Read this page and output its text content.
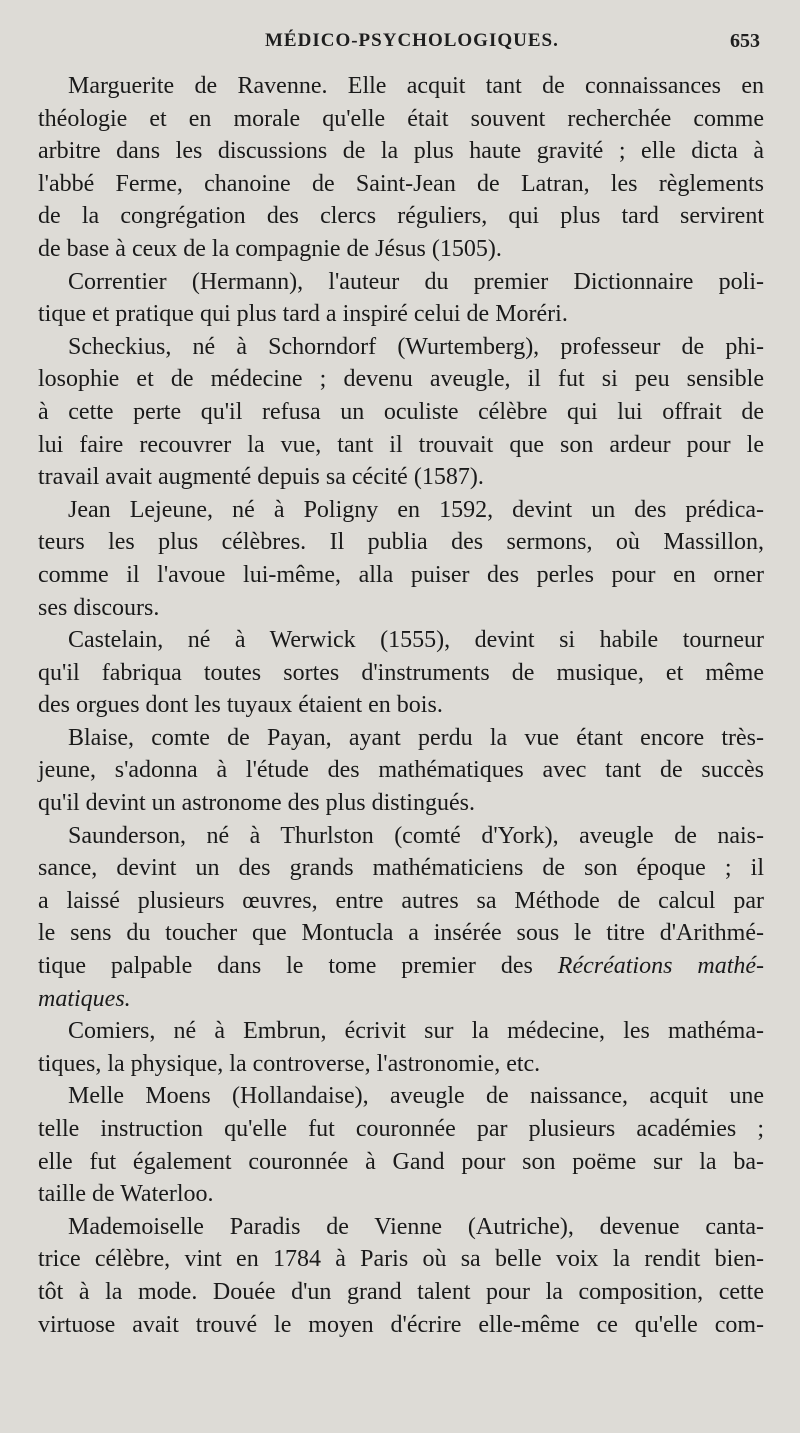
MÉDICO-PSYCHOLOGIQUES.	653
Marguerite de Ravenne. Elle acquit tant de connaissances en
théologie et en morale qu'elle était souvent recherchée comme
arbitre dans les discussions de la plus haute gravité ; elle dicta à
l'abbé Ferme, chanoine de Saint-Jean de Latran, les règlements
de la congrégation des clercs réguliers, qui plus tard servirent
de base à ceux de la compagnie de Jésus (1505).
Correntier (Hermann), l'auteur du premier Dictionnaire poli-
tique et pratique qui plus tard a inspiré celui de Moréri.
Scheckius, né à Schorndorf (Wurtemberg), professeur de phi-
losophie et de médecine ; devenu aveugle, il fut si peu sensible
à cette perte qu'il refusa un oculiste célèbre qui lui offrait de
lui faire recouvrer la vue, tant il trouvait que son ardeur pour le
travail avait augmenté depuis sa cécité (1587).
Jean Lejeune, né à Poligny en 1592, devint un des prédica-
teurs les plus célèbres. Il publia des sermons, où Massillon,
comme il l'avoue lui-même, alla puiser des perles pour en orner
ses discours.
Castelain, né à Werwick (1555), devint si habile tourneur
qu'il fabriqua toutes sortes d'instruments de musique, et même
des orgues dont les tuyaux étaient en bois.
Blaise, comte de Payan, ayant perdu la vue étant encore très-
jeune, s'adonna à l'étude des mathématiques avec tant de succès
qu'il devint un astronome des plus distingués.
Saunderson, né à Thurlston (comté d'York), aveugle de nais-
sance, devint un des grands mathématiciens de son époque ; il
a laissé plusieurs œuvres, entre autres sa Méthode de calcul par
le sens du toucher que Montucla a insérée sous le titre d'Arithmé-
tique palpable dans le tome premier des Récréations mathé-
matiques.
Comiers, né à Embrun, écrivit sur la médecine, les mathéma-
tiques, la physique, la controverse, l'astronomie, etc.
Melle Moens (Hollandaise), aveugle de naissance, acquit une
telle instruction qu'elle fut couronnée par plusieurs académies ;
elle fut également couronnée à Gand pour son poëme sur la ba-
taille de Waterloo.
Mademoiselle Paradis de Vienne (Autriche), devenue canta-
trice célèbre, vint en 1784 à Paris où sa belle voix la rendit bien-
tôt à la mode. Douée d'un grand talent pour la composition, cette
virtuose avait trouvé le moyen d'écrire elle-même ce qu'elle com-
